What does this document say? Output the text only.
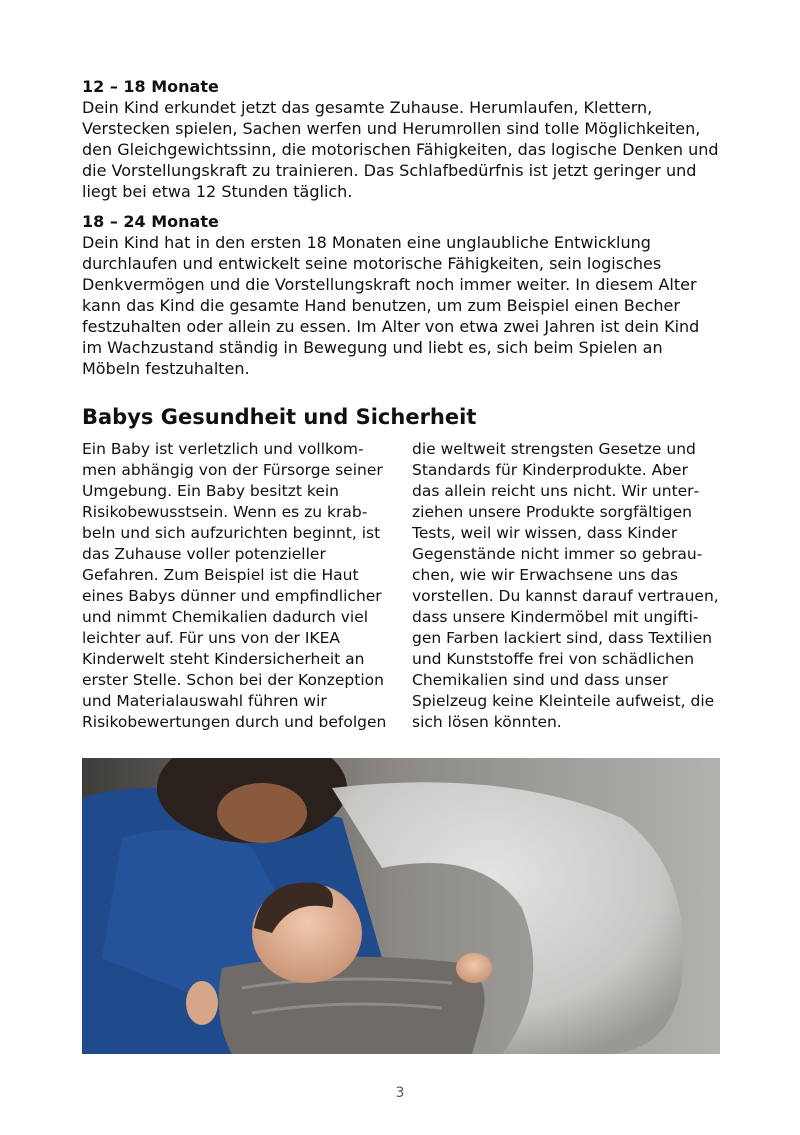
12 – 18 Monate

Dein Kind erkundet jetzt das gesamte Zuhause. Herumlaufen, Klettern, Verstecken spielen, Sachen werfen und Herumrollen sind tolle Möglichkeiten, den Gleichgewichtssinn, die motorischen Fähigkeiten, das logische Denken und die Vorstellungskraft zu trainieren. Das Schlafbedürfnis ist jetzt geringer und liegt bei etwa 12 Stunden täglich.

18 – 24 Monate

Dein Kind hat in den ersten 18 Monaten eine unglaubliche Entwicklung durchlaufen und entwickelt seine motorische Fähigkeiten, sein logisches Denkvermögen und die Vorstellungskraft noch immer weiter. In diesem Alter kann das Kind die gesamte Hand benutzen, um zum Beispiel einen Becher festzuhalten oder allein zu essen. Im Alter von etwa zwei Jahren ist dein Kind im Wachzustand ständig in Bewegung und liebt es, sich beim Spielen an Möbeln festzuhalten.

Babys Gesundheit und Sicherheit

Ein Baby ist verletzlich und vollkommen abhängig von der Fürsorge seiner Umgebung. Ein Baby besitzt kein Risikobewusstsein. Wenn es zu krabbeln und sich aufzurichten beginnt, ist das Zuhause voller potenzieller Gefahren. Zum Beispiel ist die Haut eines Babys dünner und empfindlicher und nimmt Chemikalien dadurch viel leichter auf. Für uns von der IKEA Kinderwelt steht Kindersicherheit an erster Stelle. Schon bei der Konzeption und Materialauswahl führen wir Risikobewertungen durch und befolgen

die weltweit strengsten Gesetze und Standards für Kinderprodukte. Aber das allein reicht uns nicht. Wir unterziehen unsere Produkte sorgfältigen Tests, weil wir wissen, dass Kinder Gegenstände nicht immer so gebrauchen, wie wir Erwachsene uns das vorstellen. Du kannst darauf vertrauen, dass unsere Kindermöbel mit ungiftigen Farben lackiert sind, dass Textilien und Kunststoffe frei von schädlichen Chemikalien sind und dass unser Spielzeug keine Kleinteile aufweist, die sich lösen könnten.

3
